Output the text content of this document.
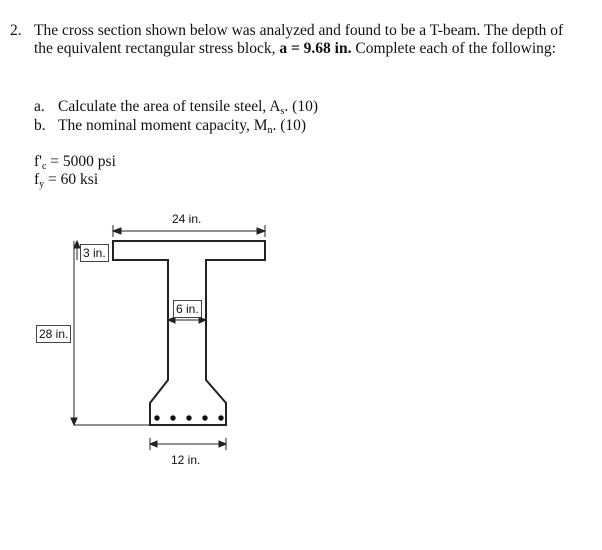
2. The cross section shown below was analyzed and found to be a T-beam. The depth of the equivalent rectangular stress block, a = 9.68 in. Complete each of the following:
a. Calculate the area of tensile steel, $A_s$. (10)
b. The nominal moment capacity, $M_n$. (10)
$f'_c = 5000$ psi
$f_y = 60$ ksi
24 in.
3 in.
6 in.
28 in.
12 in.
